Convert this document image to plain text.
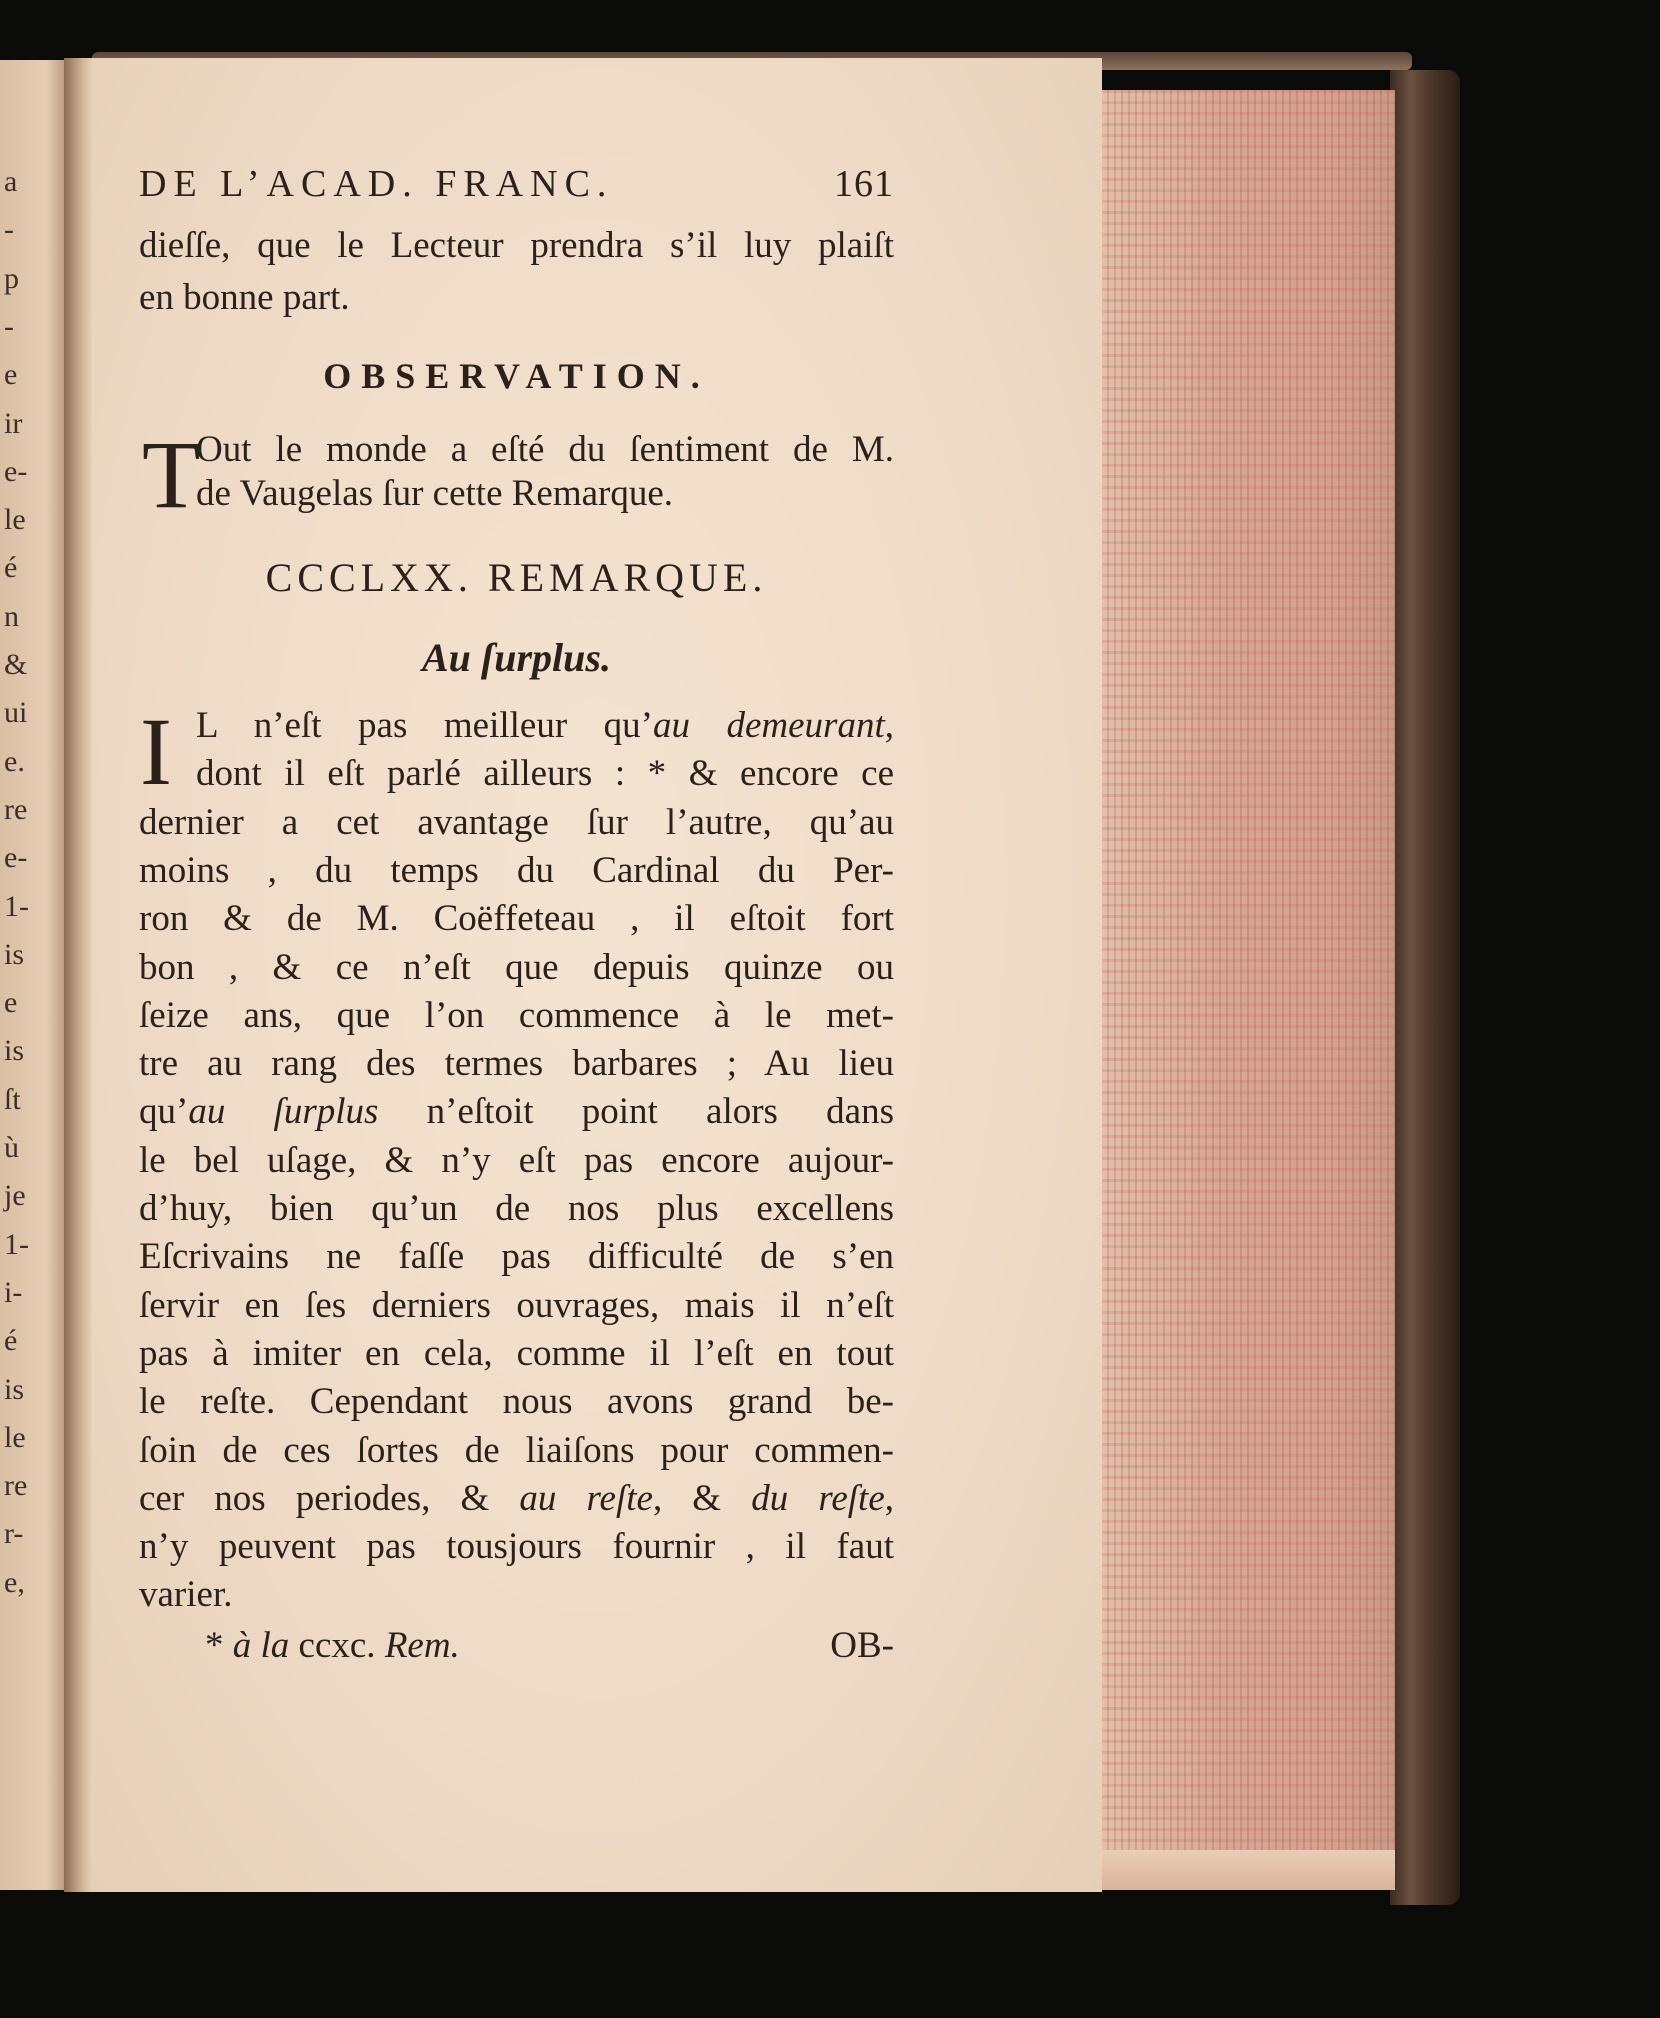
a
-
p
-
e
ir
e-
le
é
n
&
ui
e.
re
e-
1-
is
e
is
ſt
ù
je
1-
i-
é
is
le
re
r-
e,
DE L’ACAD. FRANC.	161
dieſſe, que le Lecteur prendra s’il luy plaiſt
en bonne part.
OBSERVATION.
T
Out le monde a eſté du ſentiment de M.
de Vaugelas ſur cette Remarque.
CCCLXX. REMARQUE.
Au ſurplus.
I L n’eſt pas meilleur qu’au demeurant,
dont il eſt parlé ailleurs : * & encore ce
dernier a cet avantage ſur l’autre, qu’au
moins , du temps du Cardinal du Per-
ron & de M. Coëffeteau , il eſtoit fort
bon , & ce n’eſt que depuis quinze ou
ſeize ans, que l’on commence à le met-
tre au rang des termes barbares ; Au lieu
qu’au ſurplus n’eſtoit point alors dans
le bel uſage, & n’y eſt pas encore aujour-
d’huy, bien qu’un de nos plus excellens
Eſcrivains ne faſſe pas difficulté de s’en
ſervir en ſes derniers ouvrages, mais il n’eſt
pas à imiter en cela, comme il l’eſt en tout
le reſte. Cependant nous avons grand be-
ſoin de ces ſortes de liaiſons pour commen-
cer nos periodes, & au reſte, & du reſte,
n’y peuvent pas tousjours fournir , il faut
varier.
* à la ccxc. Rem.	OB-
